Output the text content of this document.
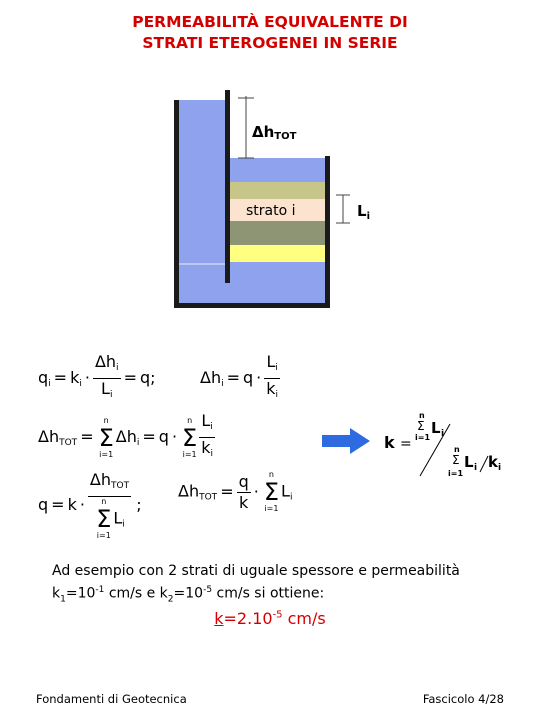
PERMEABILITÀ EQUIVALENTE DI
STRATI ETEROGENEI IN SERIE
ΔhTOT
strato i	$L_i$
$q_i = k_i \cdot \frac{\Delta h_i}{L_i} = q$;	$\Delta h_i = q \cdot \frac{L_i}{k_i}$
$\Delta h_{TOT}$ =
n
Σ
i=1
$\Delta h_i = q$ ·
n
Σ
$i=1 \frac{L_i}{k_i}$
$q = k \cdot \Delta h_{TOT}$
n
Σ
i=1
$L_i$ ;
$\Delta h_{TOT} = \frac{q}{k}$ ·
n
Σ
i=1
$L_i$
k =
n
Σ
i=1
L i
n
Σ
i=1
L i k i
Ad esempio con 2 strati di uguale spessore e permeabilità $k_1=10^{-1}$ cm/s e $k_2=10^{-5}$ cm/s si ottiene:
$k=2.10^{-5}$ cm/s
Fondamenti di Geotecnica	Fascicolo 4/28
